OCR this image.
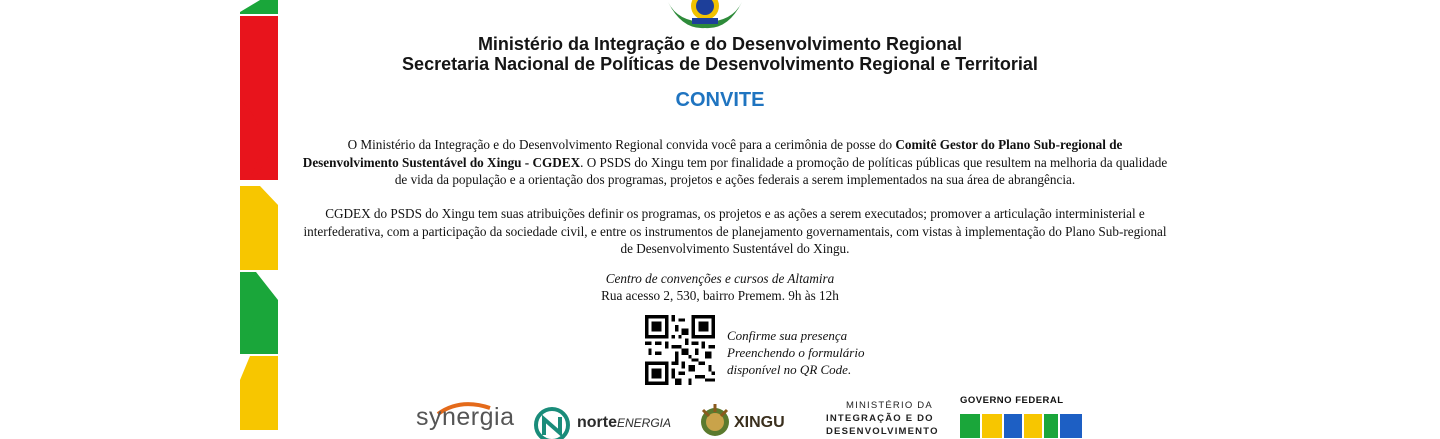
Ministério da Integração e do Desenvolvimento Regional
Secretaria Nacional de Políticas de Desenvolvimento Regional e Territorial
CONVITE
O Ministério da Integração e do Desenvolvimento Regional convida você para a cerimônia de posse do Comitê Gestor do Plano Sub-regional de Desenvolvimento Sustentável do Xingu - CGDEX. O PSDS do Xingu tem por finalidade a promoção de políticas públicas que resultem na melhoria da qualidade de vida da população e a orientação dos programas, projetos e ações federais a serem implementados na sua área de abrangência.
CGDEX do PSDS do Xingu tem suas atribuições definir os programas, os projetos e as ações a serem executados; promover a articulação interministerial e interfederativa, com a participação da sociedade civil, e entre os instrumentos de planejamento governamentais, com vistas à implementação do Plano Sub-regional de Desenvolvimento Sustentável do Xingu.
Centro de convenções e cursos de Altamira
Rua acesso 2, 530, bairro Premem. 9h às 12h
Confirme sua presença
Preenchendo o formulário
disponível no QR Code.
synergia	norteENERGIA	XINGU
MINISTÉRIO DA
INTEGRAÇÃO E DO
DESENVOLVIMENTO
GOVERNO FEDERAL
